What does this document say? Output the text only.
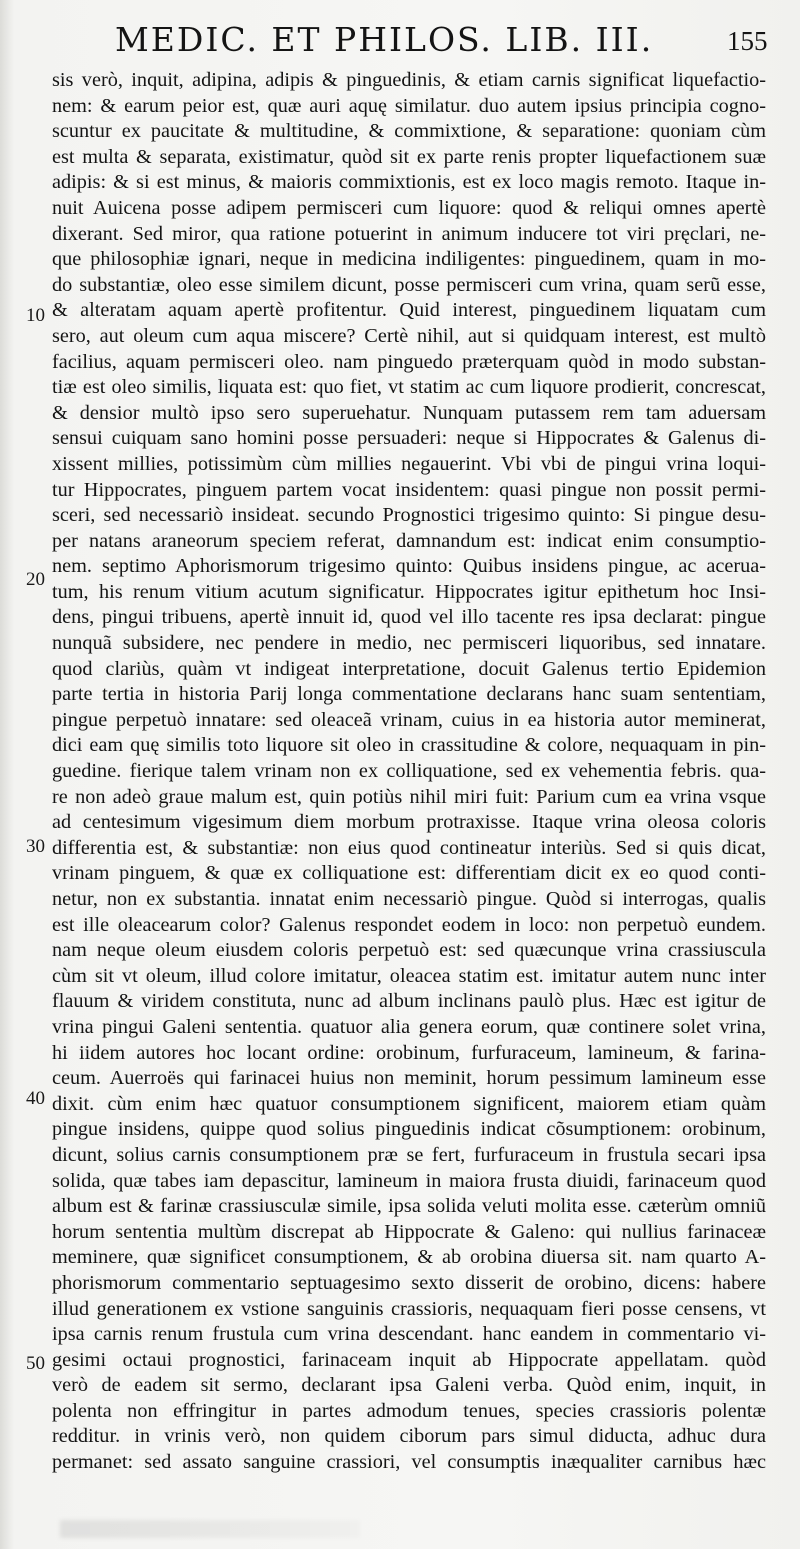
MEDIC. ET PHILOS. LIB. III.	155
10
20
30
40
50
sis verò, inquit, adipina, adipis & pinguedinis, & etiam carnis significat liquefactio-
nem: & earum peior est, quæ auri aquę similatur. duo autem ipsius principia cogno-
scuntur ex paucitate & multitudine, & commixtione, & separatione: quoniam cùm
est multa & separata, existimatur, quòd sit ex parte renis propter liquefactionem suæ
adipis: & si est minus, & maioris commixtionis, est ex loco magis remoto. Itaque in-
nuit Auicena posse adipem permisceri cum liquore: quod & reliqui omnes apertè
dixerant. Sed miror, qua ratione potuerint in animum inducere tot viri pręclari, ne-
que philosophiæ ignari, neque in medicina indiligentes: pinguedinem, quam in mo-
do substantiæ, oleo esse similem dicunt, posse permisceri cum vrina, quam serũ esse,
& alteratam aquam apertè profitentur. Quid interest, pinguedinem liquatam cum
sero, aut oleum cum aqua miscere? Certè nihil, aut si quidquam interest, est multò
facilius, aquam permisceri oleo. nam pinguedo præterquam quòd in modo substan-
tiæ est oleo similis, liquata est: quo fiet, vt statim ac cum liquore prodierit, concrescat,
& densior multò ipso sero superuehatur. Nunquam putassem rem tam aduersam
sensui cuiquam sano homini posse persuaderi: neque si Hippocrates & Galenus di-
xissent millies, potissimùm cùm millies negauerint. Vbi vbi de pingui vrina loqui-
tur Hippocrates, pinguem partem vocat insidentem: quasi pingue non possit permi-
sceri, sed necessariò insideat. secundo Prognostici trigesimo quinto: Si pingue desu-
per natans araneorum speciem referat, damnandum est: indicat enim consumptio-
nem. septimo Aphorismorum trigesimo quinto: Quibus insidens pingue, ac aceruа-
tum, his renum vitium acutum significatur. Hippocrates igitur epithetum hoc Insi-
dens, pingui tribuens, apertè innuit id, quod vel illo tacente res ipsa declarat: pingue
nunquã subsidere, nec pendere in medio, nec permisceri liquoribus, sed innatare.
quod clariùs, quàm vt indigeat interpretatione, docuit Galenus tertio Epidemion
parte tertia in historia Parij longa commentatione declarans hanc suam sententiam,
pingue perpetuò innatare: sed oleaceã vrinam, cuius in ea historia autor meminerat,
dici eam quę similis toto liquore sit oleo in crassitudine & colore, nequaquam in pin-
guedine. fierique talem vrinam non ex colliquatione, sed ex vehementia febris. qua-
re non adeò graue malum est, quin potiùs nihil miri fuit: Parium cum ea vrina vsque
ad centesimum vigesimum diem morbum protraxisse. Itaque vrina oleosa coloris
differentia est, & substantiæ: non eius quod contineatur interiùs. Sed si quis dicat,
vrinam pinguem, & quæ ex colliquatione est: differentiam dicit ex eo quod conti-
netur, non ex substantia. innatat enim necessariò pingue. Quòd si interrogas, qualis
est ille oleacearum color? Galenus respondet eodem in loco: non perpetuò eundem.
nam neque oleum eiusdem coloris perpetuò est: sed quæcunque vrina crassiuscula
cùm sit vt oleum, illud colore imitatur, oleacea statim est. imitatur autem nunc inter
flauum & viridem constituta, nunc ad album inclinans paulò plus. Hæc est igitur de
vrina pingui Galeni sententia. quatuor alia genera eorum, quæ continere solet vrina,
hi iidem autores hoc locant ordine: orobinum, furfuraceum, lamineum, & farina-
ceum. Auerroës qui farinacei huius non meminit, horum pessimum lamineum esse
dixit. cùm enim hæc quatuor consumptionem significent, maiorem etiam quàm
pingue insidens, quippe quod solius pinguedinis indicat cõsumptionem: orobinum,
dicunt, solius carnis consumptionem præ se fert, furfuraceum in frustula secari ipsa
solida, quæ tabes iam depascitur, lamineum in maiora frusta diuidi, farinaceum quod
album est & farinæ crassiusculæ simile, ipsa solida veluti molita esse. cæterùm omniũ
horum sententia multùm discrepat ab Hippocrate & Galeno: qui nullius farinaceæ
meminere, quæ significet consumptionem, & ab orobina diuersa sit. nam quarto A-
phorismorum commentario septuagesimo sexto disserit de orobino, dicens: habere
illud generationem ex vstione sanguinis crassioris, nequaquam fieri posse censens, vt
ipsa carnis renum frustula cum vrina descendant. hanc eandem in commentario vi-
gesimi octaui prognostici, farinaceam inquit ab Hippocrate appellatam. quòd
verò de eadem sit sermo, declarant ipsa Galeni verba. Quòd enim, inquit, in
polenta non effringitur in partes admodum tenues, species crassioris polentæ
redditur. in vrinis verò, non quidem ciborum pars simul diducta, adhuc dura
permanet: sed assato sanguine crassiori, vel consumptis inæqualiter carnibus hæc
